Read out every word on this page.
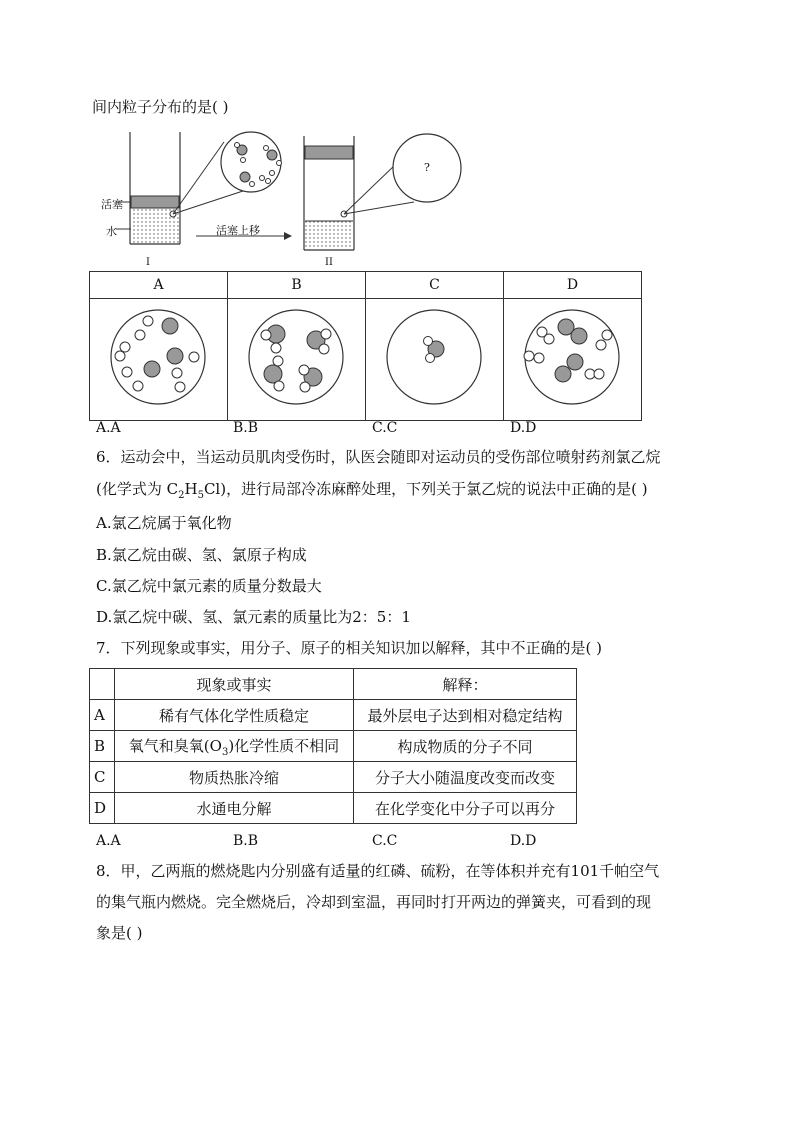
间内粒子分布的是( )
活塞
水	活塞上移
I	II
?
A	B	C	D

A.A	B.B	C.C	D.D
6．运动会中，当运动员肌肉受伤时，队医会随即对运动员的受伤部位喷射药剂氯乙烷
(化学式为 $C_2H_5Cl$)，进行局部冷冻麻醉处理，下列关于氯乙烷的说法中正确的是( )
A.氯乙烷属于氧化物
B.氯乙烷由碳、氢、氯原子构成
C.氯乙烷中氯元素的质量分数最大
D.氯乙烷中碳、氢、氯元素的质量比为2：5：1
7．下列现象或事实，用分子、原子的相关知识加以解释，其中不正确的是( )
	现象或事实	解释：
A	稀有气体化学性质稳定	最外层电子达到相对稳定结构
B	氧气和臭氧$(O_3)$化学性质不相同	构成物质的分子不同
C	物质热胀冷缩	分子大小随温度改变而改变
D	水通电分解	在化学变化中分子可以再分
A.A	B.B	C.C	D.D
8．甲，乙两瓶的燃烧匙内分别盛有适量的红磷、硫粉，在等体积并充有101千帕空气
的集气瓶内燃烧。完全燃烧后，冷却到室温，再同时打开两边的弹簧夹，可看到的现
象是( )
